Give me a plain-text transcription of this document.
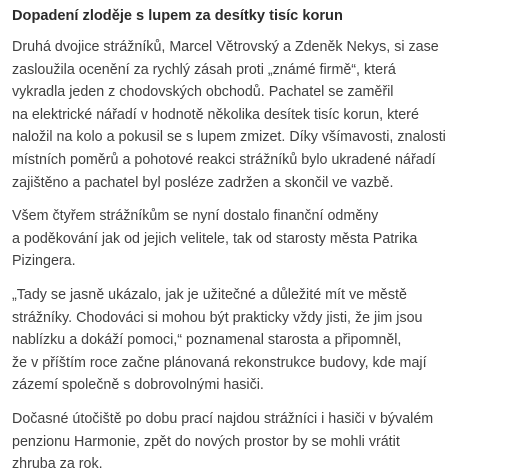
Dopadení zloděje s lupem za desítky tisíc korun

Druhá dvojice strážníků, Marcel Větrovský a Zdeněk Nekys, si zase
zasloužila ocenění za rychlý zásah proti „známé firmě“, která
vykradla jeden z chodovských obchodů. Pachatel se zaměřil
na elektrické nářadí v hodnotě několika desítek tisíc korun, které
naložil na kolo a pokusil se s lupem zmizet. Díky všímavosti, znalosti
místních poměrů a pohotové reakci strážníků bylo ukradené nářadí
zajištěno a pachatel byl posléze zadržen a skončil ve vazbě.

Všem čtyřem strážníkům se nyní dostalo finanční odměny
a poděkování jak od jejich velitele, tak od starosty města Patrika
Pizingera.

„Tady se jasně ukázalo, jak je užitečné a důležité mít ve městě
strážníky. Chodováci si mohou být prakticky vždy jisti, že jim jsou
nablízku a dokáží pomoci,“ poznamenal starosta a připomněl,
že v příštím roce začne plánovaná rekonstrukce budovy, kde mají
zázemí společně s dobrovolnými hasiči.

Dočasné útočiště po dobu prací najdou strážníci i hasiči v bývalém
penzionu Harmonie, zpět do nových prostor by se mohli vrátit
zhruba za rok.
